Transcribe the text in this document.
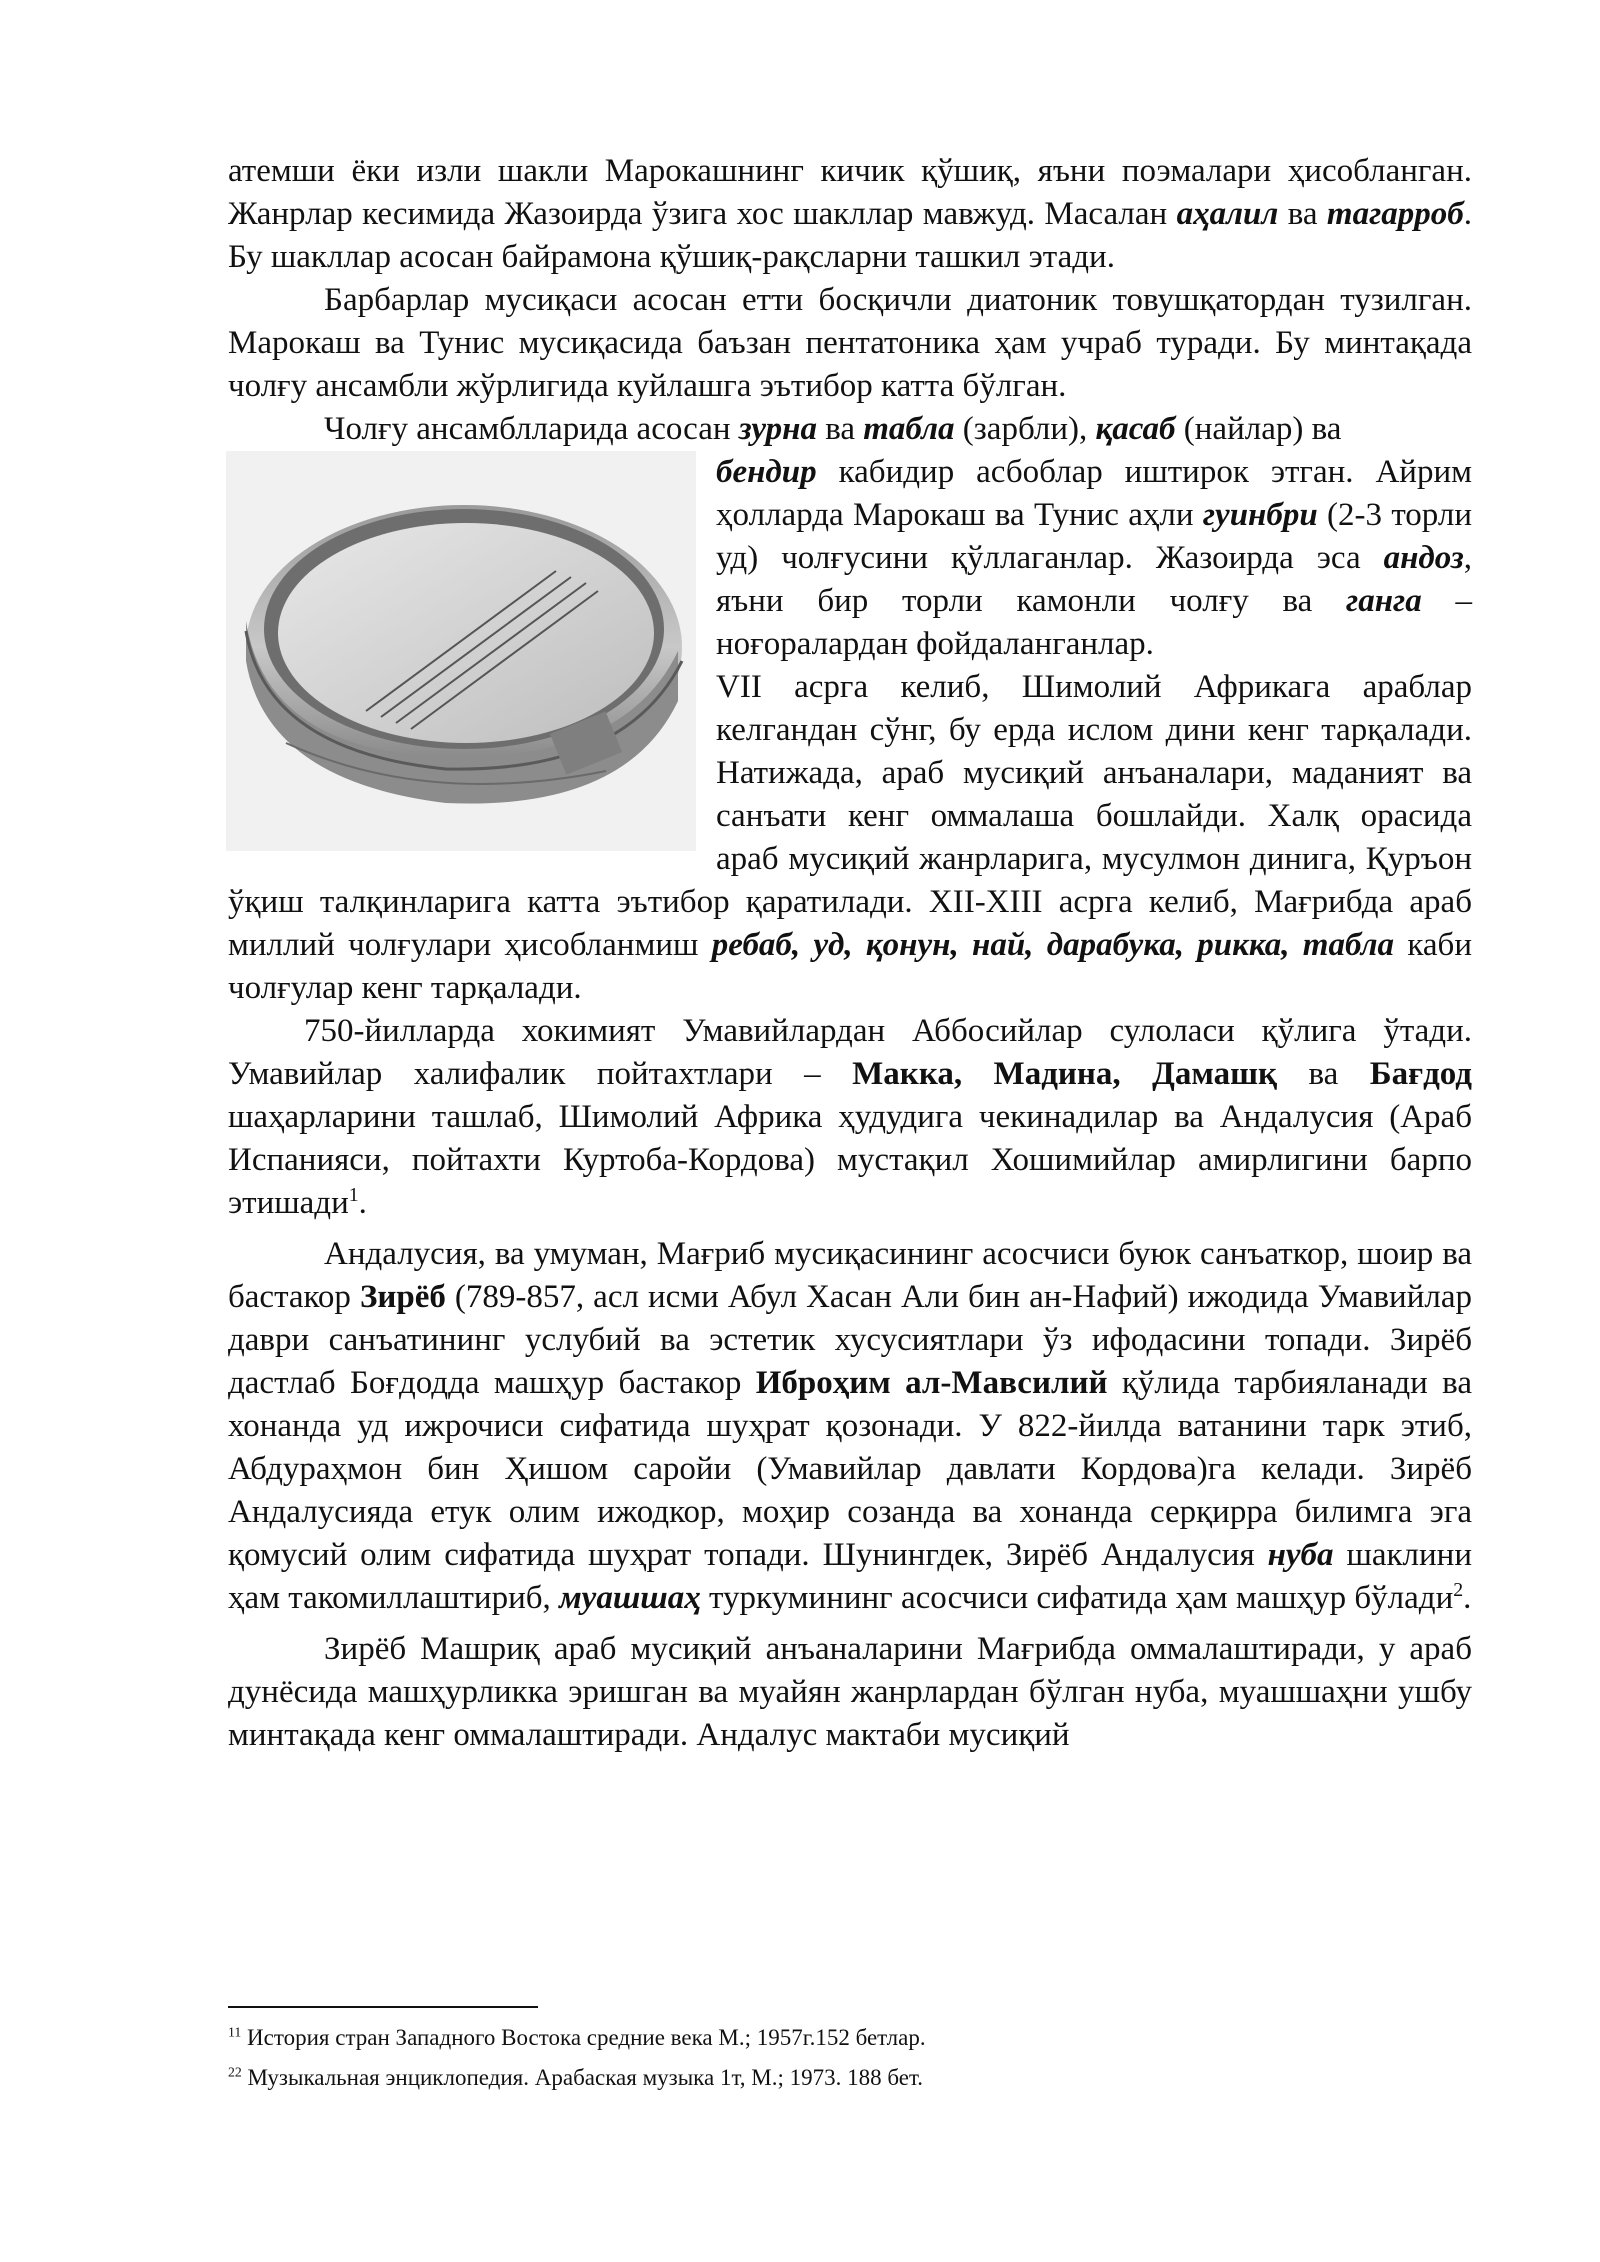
атемши ёки изли шакли Марокашнинг кичик қўшиқ, яъни поэмалари ҳисобланган. Жанрлар кесимида Жазоирда ўзига хос шакллар мавжуд. Масалан аҳалил ва тагарроб. Бу шакллар асосан байрамона қўшиқ-рақсларни ташкил этади.

Барбарлар мусиқаси асосан етти босқичли диатоник товушқатордан тузилган. Марокаш ва Тунис мусиқасида баъзан пентатоника ҳам учраб туради. Бу минтақада чолғу ансамбли жўрлигида куйлашга эътибор катта бўлган.

Чолғу ансамблларида асосан зурна ва табла (зарбли), қасаб (найлар) ва

бендир кабидир асбоблар иштирок этган. Айрим ҳолларда Марокаш ва Тунис аҳли гуинбри (2-3 торли уд) чолғусини қўллаганлар. Жазоирда эса андоз, яъни бир торли камонли чолғу ва ганга – ноғоралардан фойдаланганлар.

VII асрга келиб, Шимолий Африкага араблар келгандан сўнг, бу ерда ислом дини кенг тарқалади. Натижада, араб мусиқий анъаналари, маданият ва санъати кенг оммалаша бошлайди. Халқ орасида араб мусиқий жанрларига, мусулмон динига, Қуръон ўқиш талқинларига катта эътибор қаратилади. XII-XIII асрга келиб, Мағрибда араб миллий чолғулари ҳисобланмиш ребаб, уд, қонун, най, дарабука, рикка, табла каби чолғулар кенг тарқалади.

750-йилларда хокимият Умавийлардан Аббосийлар сулоласи қўлига ўтади. Умавийлар халифалик пойтахтлари – Макка, Мадина, Дамашқ ва Бағдод шаҳарларини ташлаб, Шимолий Африка ҳудудига чекинадилар ва Андалусия (Араб Испанияси, пойтахти Куртоба-Кордова) мустақил Хошимийлар амирлигини барпо этишади$^1$.

Андалусия, ва умуман, Мағриб мусиқасининг асосчиси буюк санъаткор, шоир ва бастакор Зирёб (789-857, асл исми Абул Хасан Али бин ан-Нафий) ижодида Умавийлар даври санъатининг услубий ва эстетик хусусиятлари ўз ифодасини топади. Зирёб дастлаб Боғдодда машҳур бастакор Иброҳим ал-Мавсилий қўлида тарбияланади ва хонанда уд ижрочиси сифатида шуҳрат қозонади. У 822-йилда ватанини тарк этиб, Абдураҳмон бин Ҳишом саройи (Умавийлар давлати Кордова)га келади. Зирёб Андалусияда етук олим ижодкор, моҳир созанда ва хонанда серқирра билимга эга қомусий олим сифатида шуҳрат топади. Шунингдек, Зирёб Андалусия нуба шаклини ҳам такомиллаштириб, муашшаҳ туркумининг асосчиси сифатида ҳам машҳур бўлади$^2$.

Зирёб Машриқ араб мусиқий анъаналарини Мағрибда оммалаштиради, у араб дунёсида машҳурликка эришган ва муайян жанрлардан бўлган нуба, муашшаҳни ушбу минтақада кенг оммалаштиради. Андалус мактаби мусиқий

$^{11}$ История стран Западного Востока средние века М.; 1957г.152 бетлар.

$^{22}$ Музыкальная энциклопедия. Арабаская музыка 1т, М.; 1973. 188 бет.
